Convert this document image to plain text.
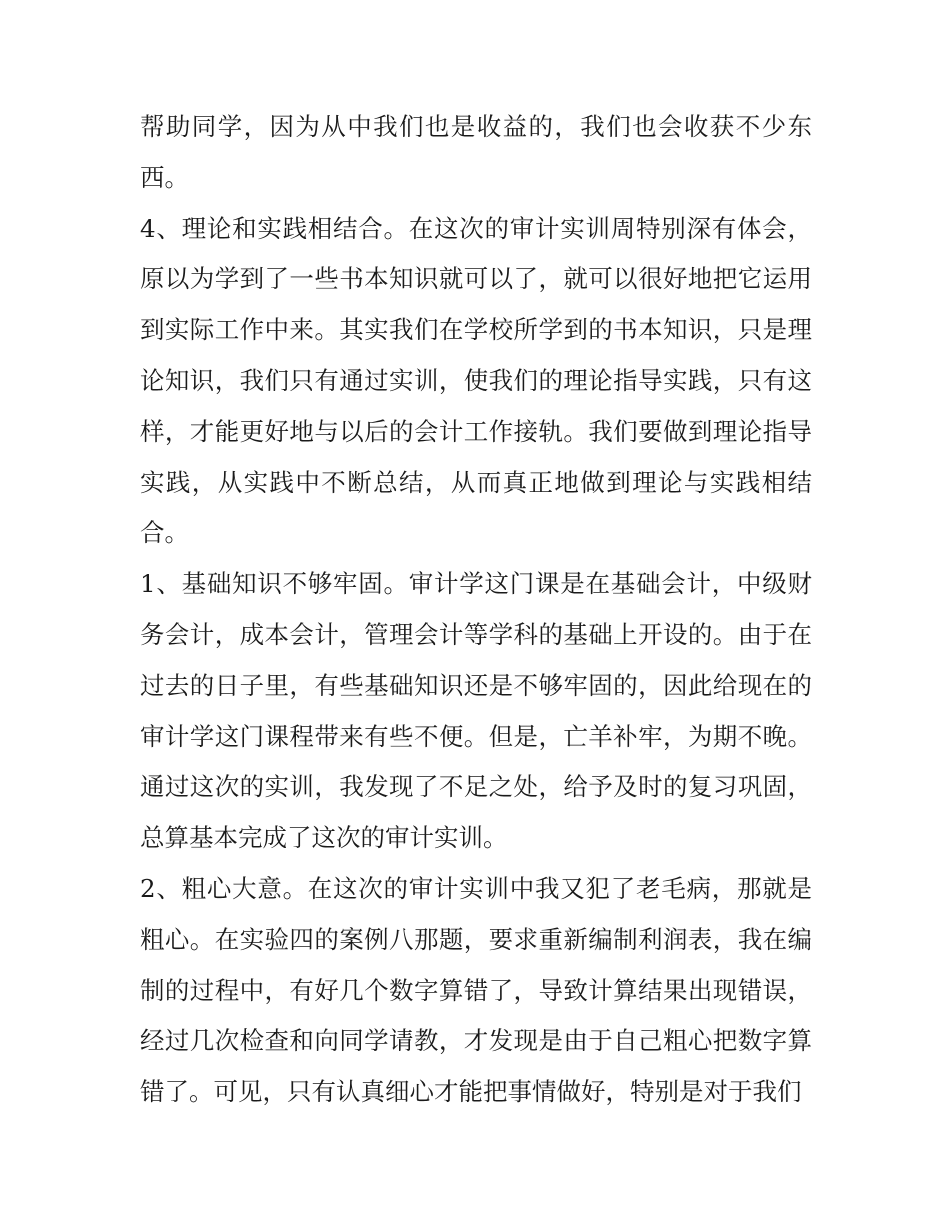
帮助同学，因为从中我们也是收益的，我们也会收获不少东西。

4、理论和实践相结合。在这次的审计实训周特别深有体会，原以为学到了一些书本知识就可以了，就可以很好地把它运用到实际工作中来。其实我们在学校所学到的书本知识，只是理论知识，我们只有通过实训，使我们的理论指导实践，只有这样，才能更好地与以后的会计工作接轨。我们要做到理论指导实践，从实践中不断总结，从而真正地做到理论与实践相结合。

1、基础知识不够牢固。审计学这门课是在基础会计，中级财务会计，成本会计，管理会计等学科的基础上开设的。由于在过去的日子里，有些基础知识还是不够牢固的，因此给现在的审计学这门课程带来有些不便。但是，亡羊补牢，为期不晚。通过这次的实训，我发现了不足之处，给予及时的复习巩固，总算基本完成了这次的审计实训。

2、粗心大意。在这次的审计实训中我又犯了老毛病，那就是粗心。在实验四的案例八那题，要求重新编制利润表，我在编制的过程中，有好几个数字算错了，导致计算结果出现错误，经过几次检查和向同学请教，才发现是由于自己粗心把数字算错了。可见，只有认真细心才能把事情做好，特别是对于我们
